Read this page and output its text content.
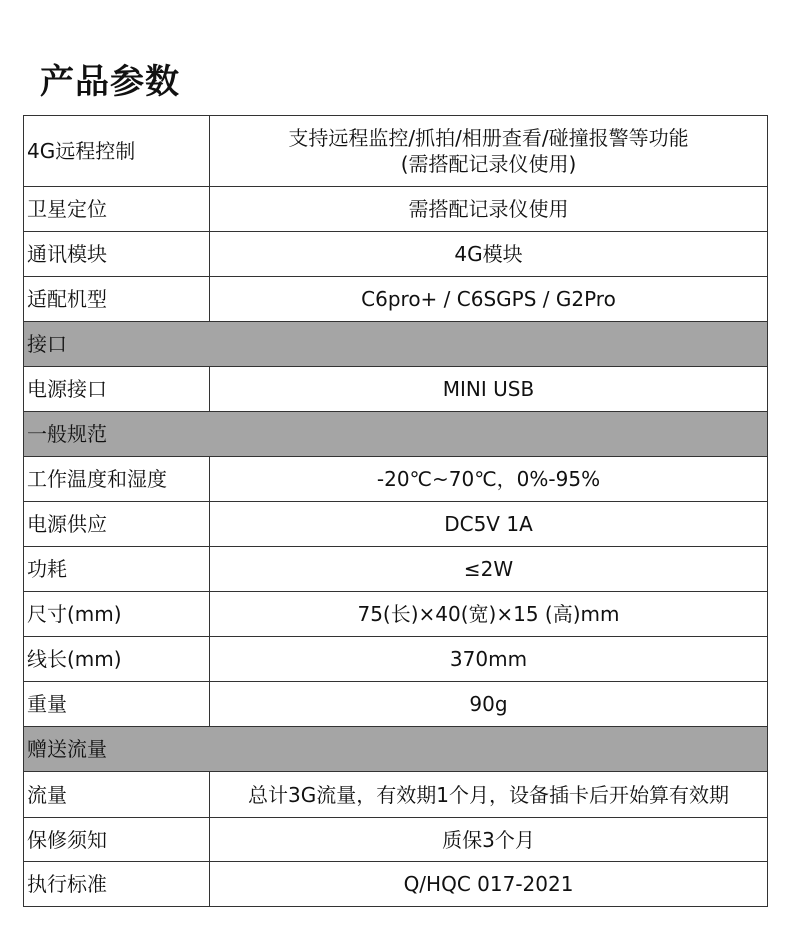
产品参数
4G远程控制	支持远程监控/抓拍/相册查看/碰撞报警等功能
(需搭配记录仪使用)

卫星定位	需搭配记录仪使用

通讯模块	4G模块

适配机型	C6pro+ / C6SGPS / G2Pro

接口	
电源接口	MINI USB

一般规范	
工作温度和湿度	-20℃~70℃，0%-95%

电源供应	DC5V 1A

功耗	≤2W

尺寸(mm)	75(长)×40(宽)×15 (高)mm

线长(mm)	370mm

重量	90g

赠送流量	
流量	总计3G流量，有效期1个月，设备插卡后开始算有效期

保修须知	质保3个月

执行标准	Q/HQC 017-2021
